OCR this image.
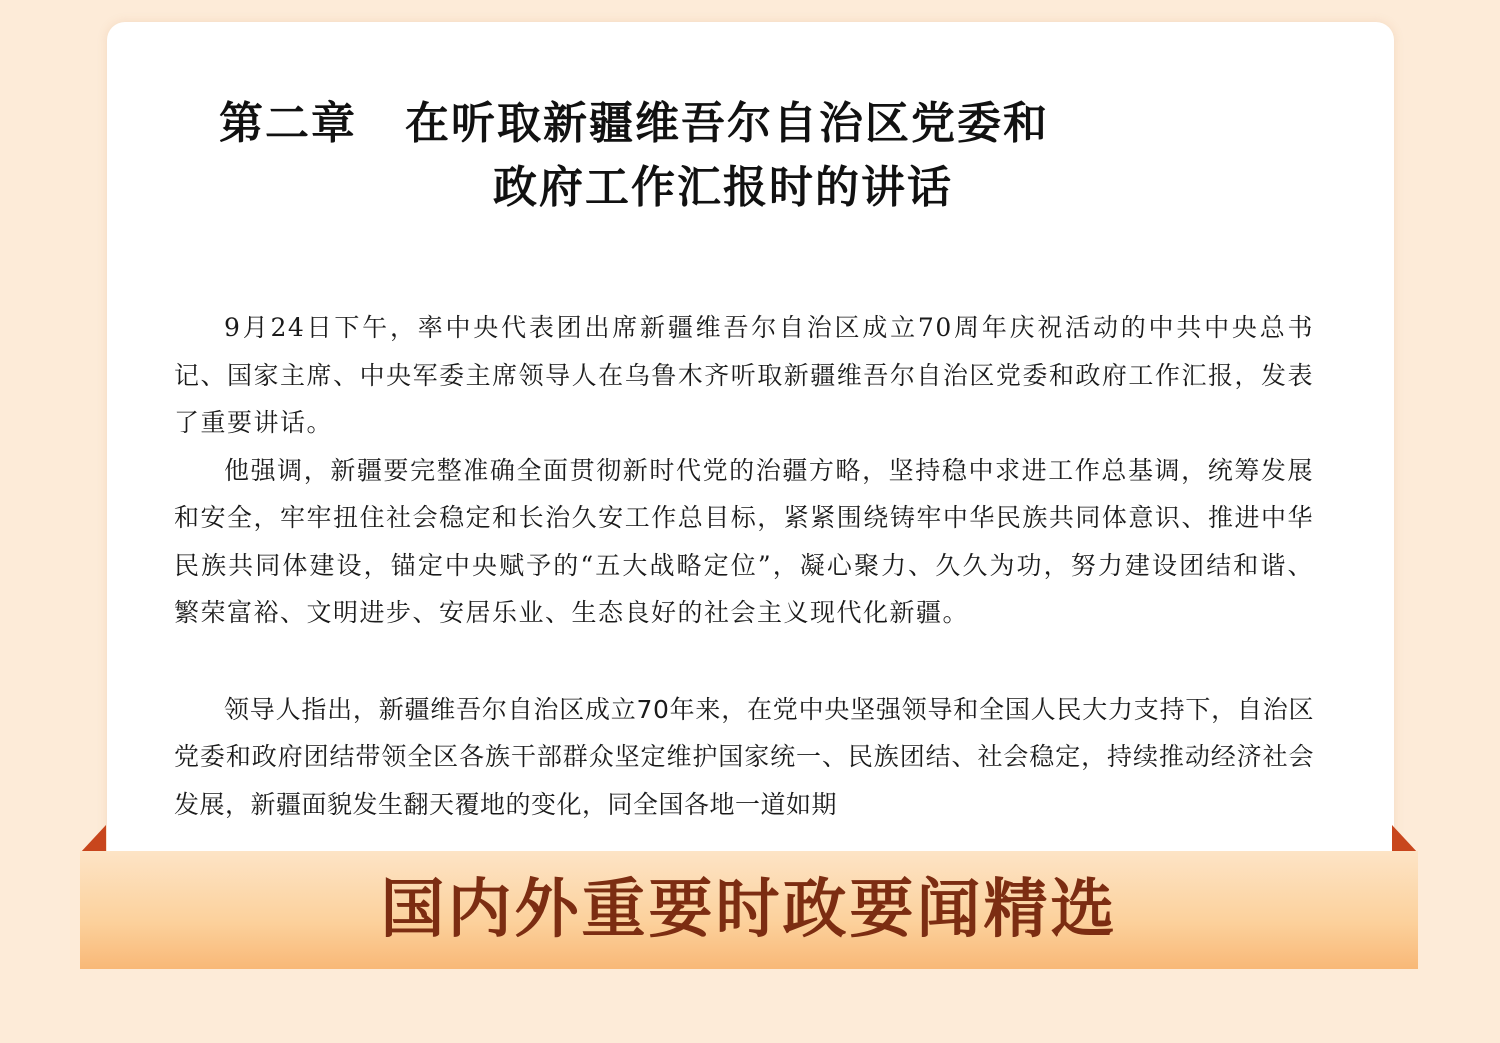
第二章 在听取新疆维吾尔自治区党委和
政府工作汇报时的讲话

9月24日下午，率中央代表团出席新疆维吾尔自治区成立70周年庆祝活动的中共中央总书记、国家主席、中央军委主席领导人在乌鲁木齐听取新疆维吾尔自治区党委和政府工作汇报，发表了重要讲话。

他强调，新疆要完整准确全面贯彻新时代党的治疆方略，坚持稳中求进工作总基调，统筹发展和安全，牢牢扭住社会稳定和长治久安工作总目标，紧紧围绕铸牢中华民族共同体意识、推进中华民族共同体建设，锚定中央赋予的“五大战略定位”，凝心聚力、久久为功，努力建设团结和谐、繁荣富裕、文明进步、安居乐业、生态良好的社会主义现代化新疆。

领导人指出，新疆维吾尔自治区成立70年来，在党中央坚强领导和全国人民大力支持下，自治区党委和政府团结带领全区各族干部群众坚定维护国家统一、民族团结、社会稳定，持续推动经济社会发展，新疆面貌发生翻天覆地的变化，同全国各地一道如期

国内外重要时政要闻精选
